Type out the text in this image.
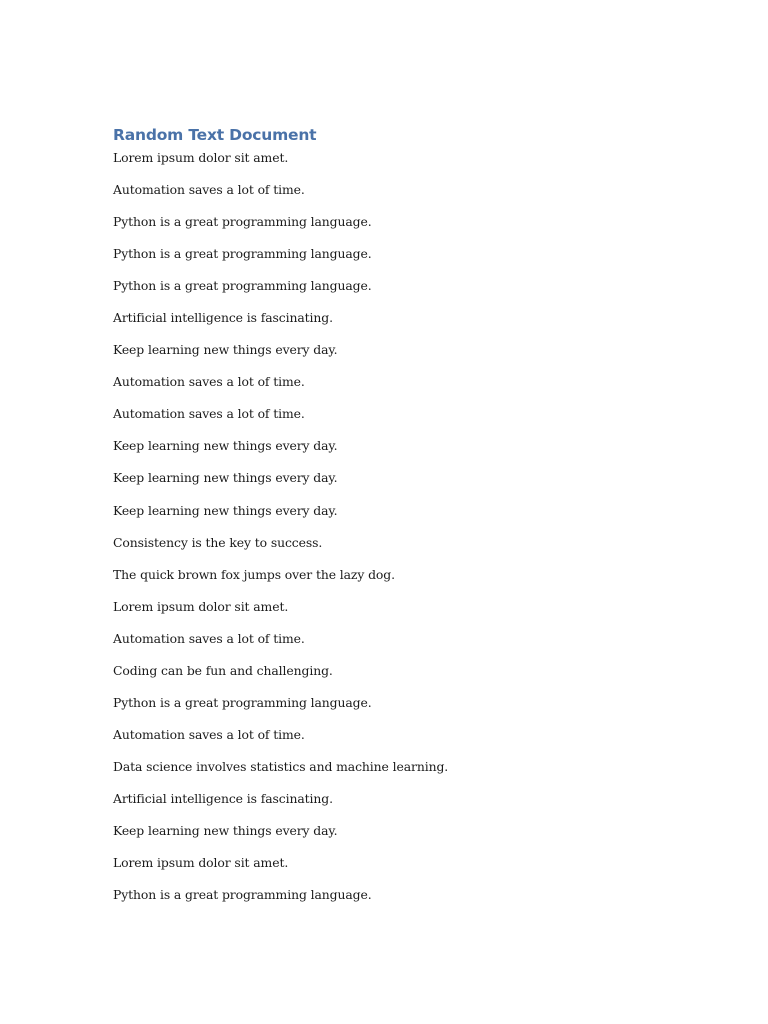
Random Text Document

Lorem ipsum dolor sit amet.

Automation saves a lot of time.

Python is a great programming language.

Python is a great programming language.

Python is a great programming language.

Artificial intelligence is fascinating.

Keep learning new things every day.

Automation saves a lot of time.

Automation saves a lot of time.

Keep learning new things every day.

Keep learning new things every day.

Keep learning new things every day.

Consistency is the key to success.

The quick brown fox jumps over the lazy dog.

Lorem ipsum dolor sit amet.

Automation saves a lot of time.

Coding can be fun and challenging.

Python is a great programming language.

Automation saves a lot of time.

Data science involves statistics and machine learning.

Artificial intelligence is fascinating.

Keep learning new things every day.

Lorem ipsum dolor sit amet.

Python is a great programming language.
